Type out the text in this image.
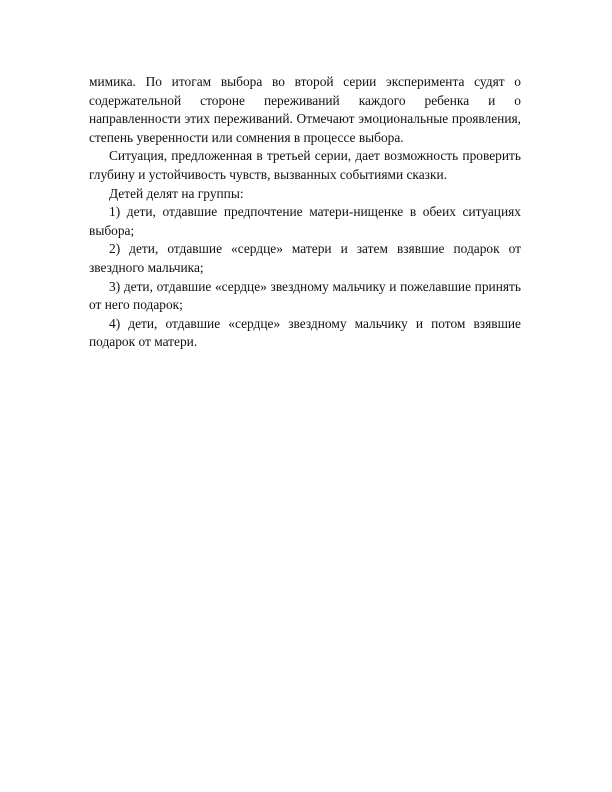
мимика. По итогам выбора во второй серии эксперимента судят о содержательной стороне переживаний каждого ребенка и о направленности этих переживаний. Отмечают эмоциональные проявления, степень уверенности или сомнения в процессе выбора.

Ситуация, предложенная в третьей серии, дает возможность проверить глубину и устойчивость чувств, вызванных событиями сказки.

Детей делят на группы:

1) дети, отдавшие предпочтение матери-нищенке в обеих ситуациях выбора;

2) дети, отдавшие «сердце» матери и затем взявшие подарок от звездного мальчика;

3) дети, отдавшие «сердце» звездному мальчику и пожелавшие принять от него подарок;

4) дети, отдавшие «сердце» звездному мальчику и потом взявшие подарок от матери.
